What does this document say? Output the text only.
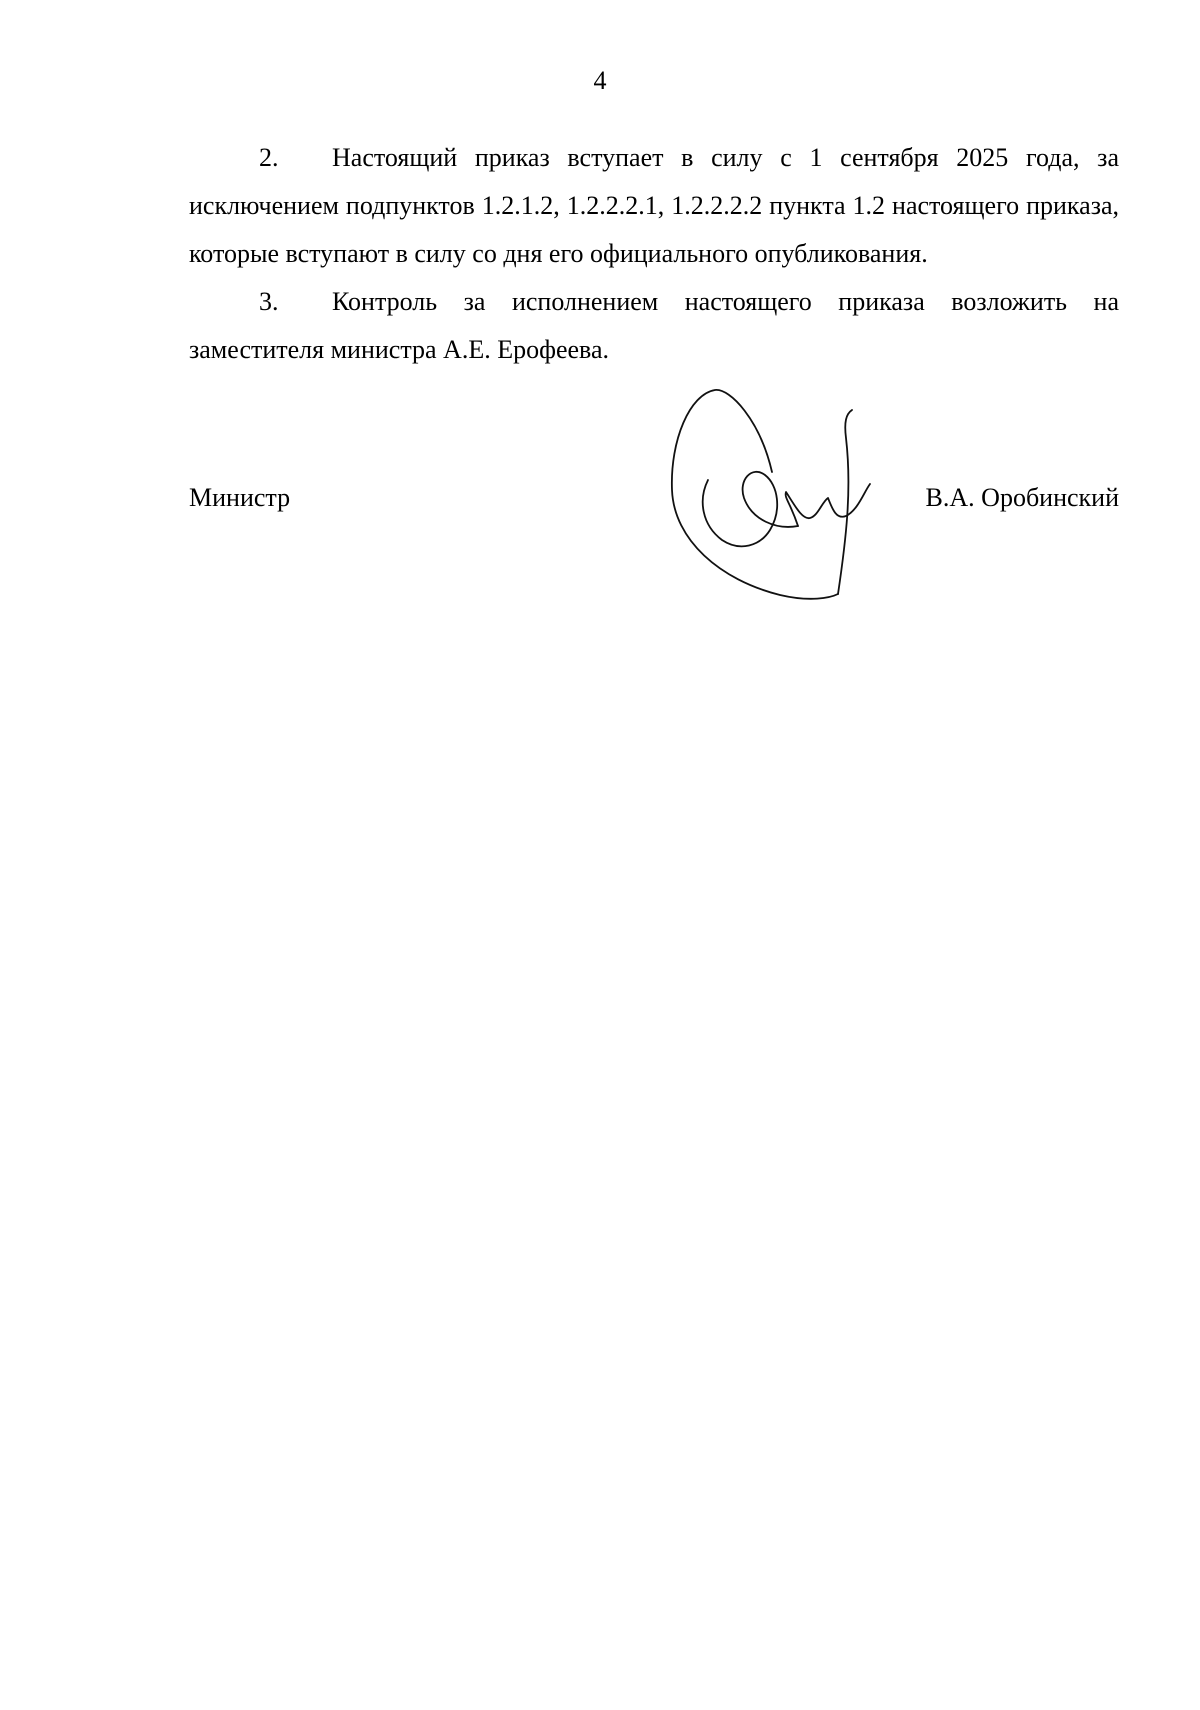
4

2. Настоящий приказ вступает в силу с 1 сентября 2025 года, за исключением подпунктов 1.2.1.2, 1.2.2.2.1, 1.2.2.2.2 пункта 1.2 настоящего приказа, которые вступают в силу со дня его официального опубликования.

3. Контроль за исполнением настоящего приказа возложить на заместителя министра А.Е. Ерофеева.

Министр	В.А. Оробинский
